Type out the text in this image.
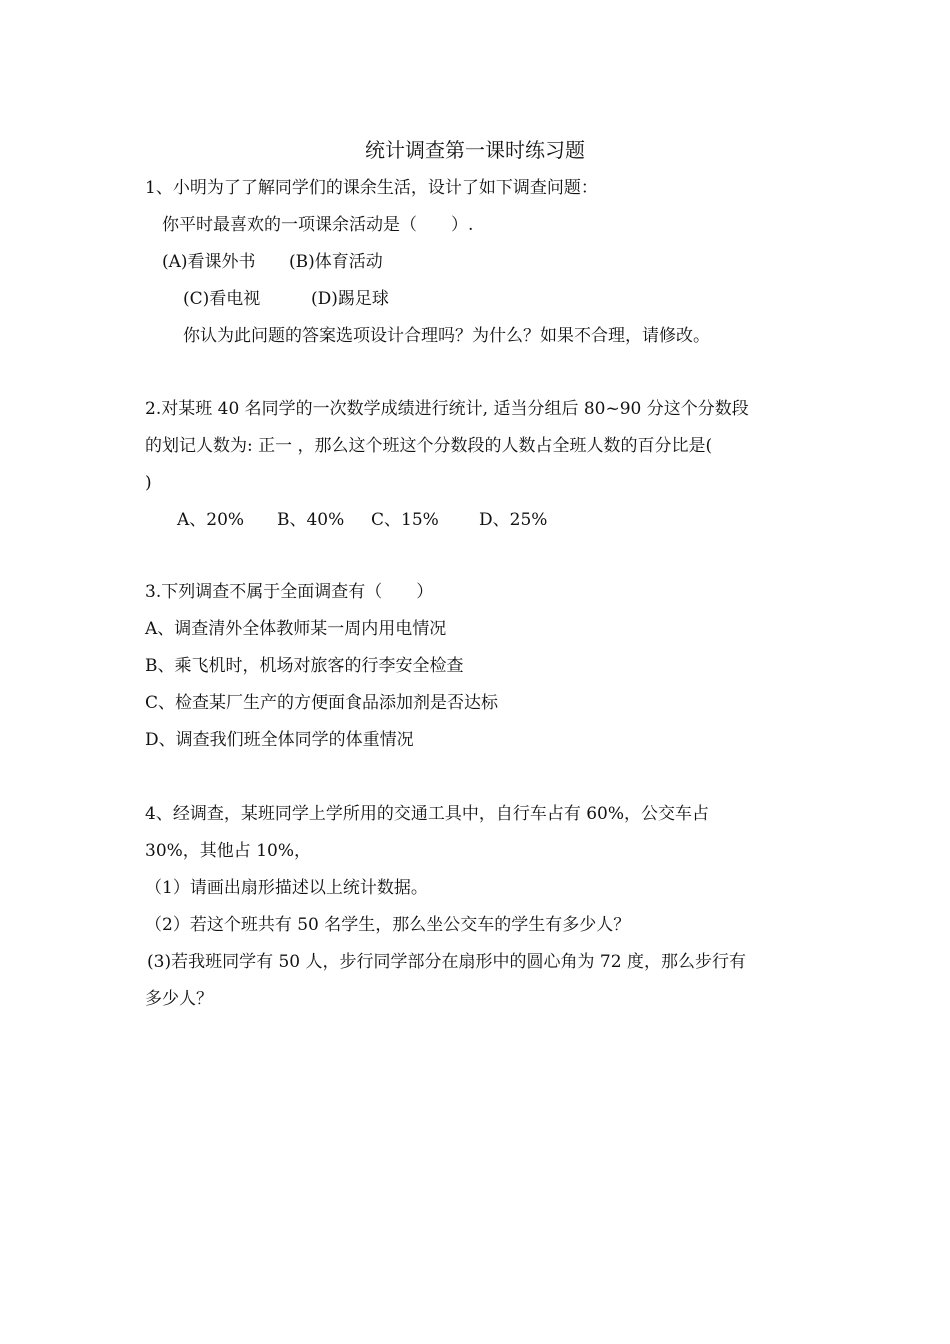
统计调查第一课时练习题
1、小明为了了解同学们的课余生活，设计了如下调查问题：
你平时最喜欢的一项课余活动是（　　）.
(A)看课外书 (B)体育活动
(C)看电视	(D)踢足球
你认为此问题的答案选项设计合理吗？为什么？如果不合理，请修改。
2.对某班 40 名同学的一次数学成绩进行统计, 适当分组后 80~90 分这个分数段
的划记人数为: 正一 ，那么这个班这个分数段的人数占全班人数的百分比是(
)
A、20% B、40% C、15% D、25%
3.下列调查不属于全面调查有（　　）
A、调查清外全体教师某一周内用电情况
B、乘飞机时，机场对旅客的行李安全检查
C、检查某厂生产的方便面食品添加剂是否达标
D、调查我们班全体同学的体重情况
4、经调查，某班同学上学所用的交通工具中，自行车占有 60%，公交车占
30%，其他占 10%，
（1）请画出扇形描述以上统计数据。
（2）若这个班共有 50 名学生，那么坐公交车的学生有多少人？
(3)若我班同学有 50 人，步行同学部分在扇形中的圆心角为 72 度，那么步行有
多少人？
